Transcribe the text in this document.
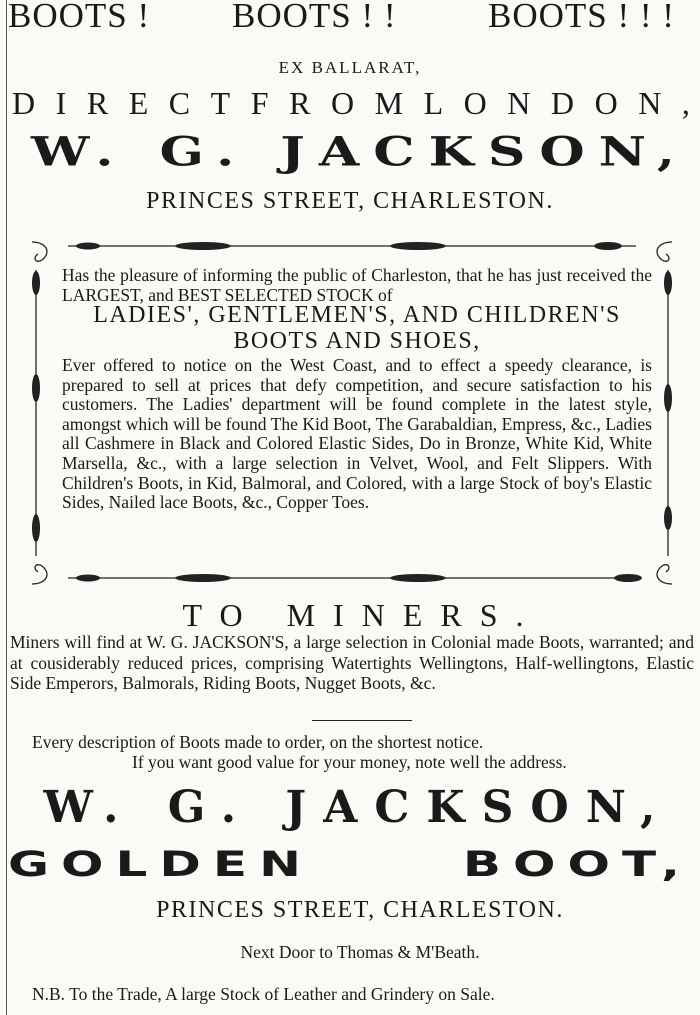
BOOTS ! BOOTS ! !	BOOTS ! ! !
EX BALLARAT,
D I R E C T F R O M L O N D O N ,
W. G. JACKSON,
PRINCES STREET, CHARLESTON.
Has the pleasure of informing the public of Charleston, that he has just received the LARGEST, and BEST SELECTED STOCK of
LADIES', GENTLEMEN'S, AND CHILDREN'S
BOOTS AND SHOES,
Ever offered to notice on the West Coast, and to effect a speedy clearance, is prepared to sell at prices that defy competition, and secure satisfaction to his customers. The Ladies' department will be found complete in the latest style, amongst which will be found The Kid Boot, The Garabaldian, Empress, &c., Ladies all Cashmere in Black and Colored Elastic Sides, Do in Bronze, White Kid, White Marsella, &c., with a large selection in Velvet, Wool, and Felt Slippers. With Children's Boots, in Kid, Balmoral, and Colored, with a large Stock of boy's Elastic Sides, Nailed lace Boots, &c., Copper Toes.
TO MINERS.
Miners will find at W. G. JACKSON'S, a large selection in Colonial made Boots, warranted; and at cousiderably reduced prices, comprising Watertights Wellingtons, Half-wellingtons, Elastic Side Emperors, Balmorals, Riding Boots, Nugget Boots, &c.
Every description of Boots made to order, on the shortest notice.
If you want good value for your money, note well the address.
W. G. JACKSON,
GOLDEN	BOOT,
PRINCES STREET, CHARLESTON.
Next Door to Thomas & M'Beath.
N.B. To the Trade, A large Stock of Leather and Grindery on Sale.
